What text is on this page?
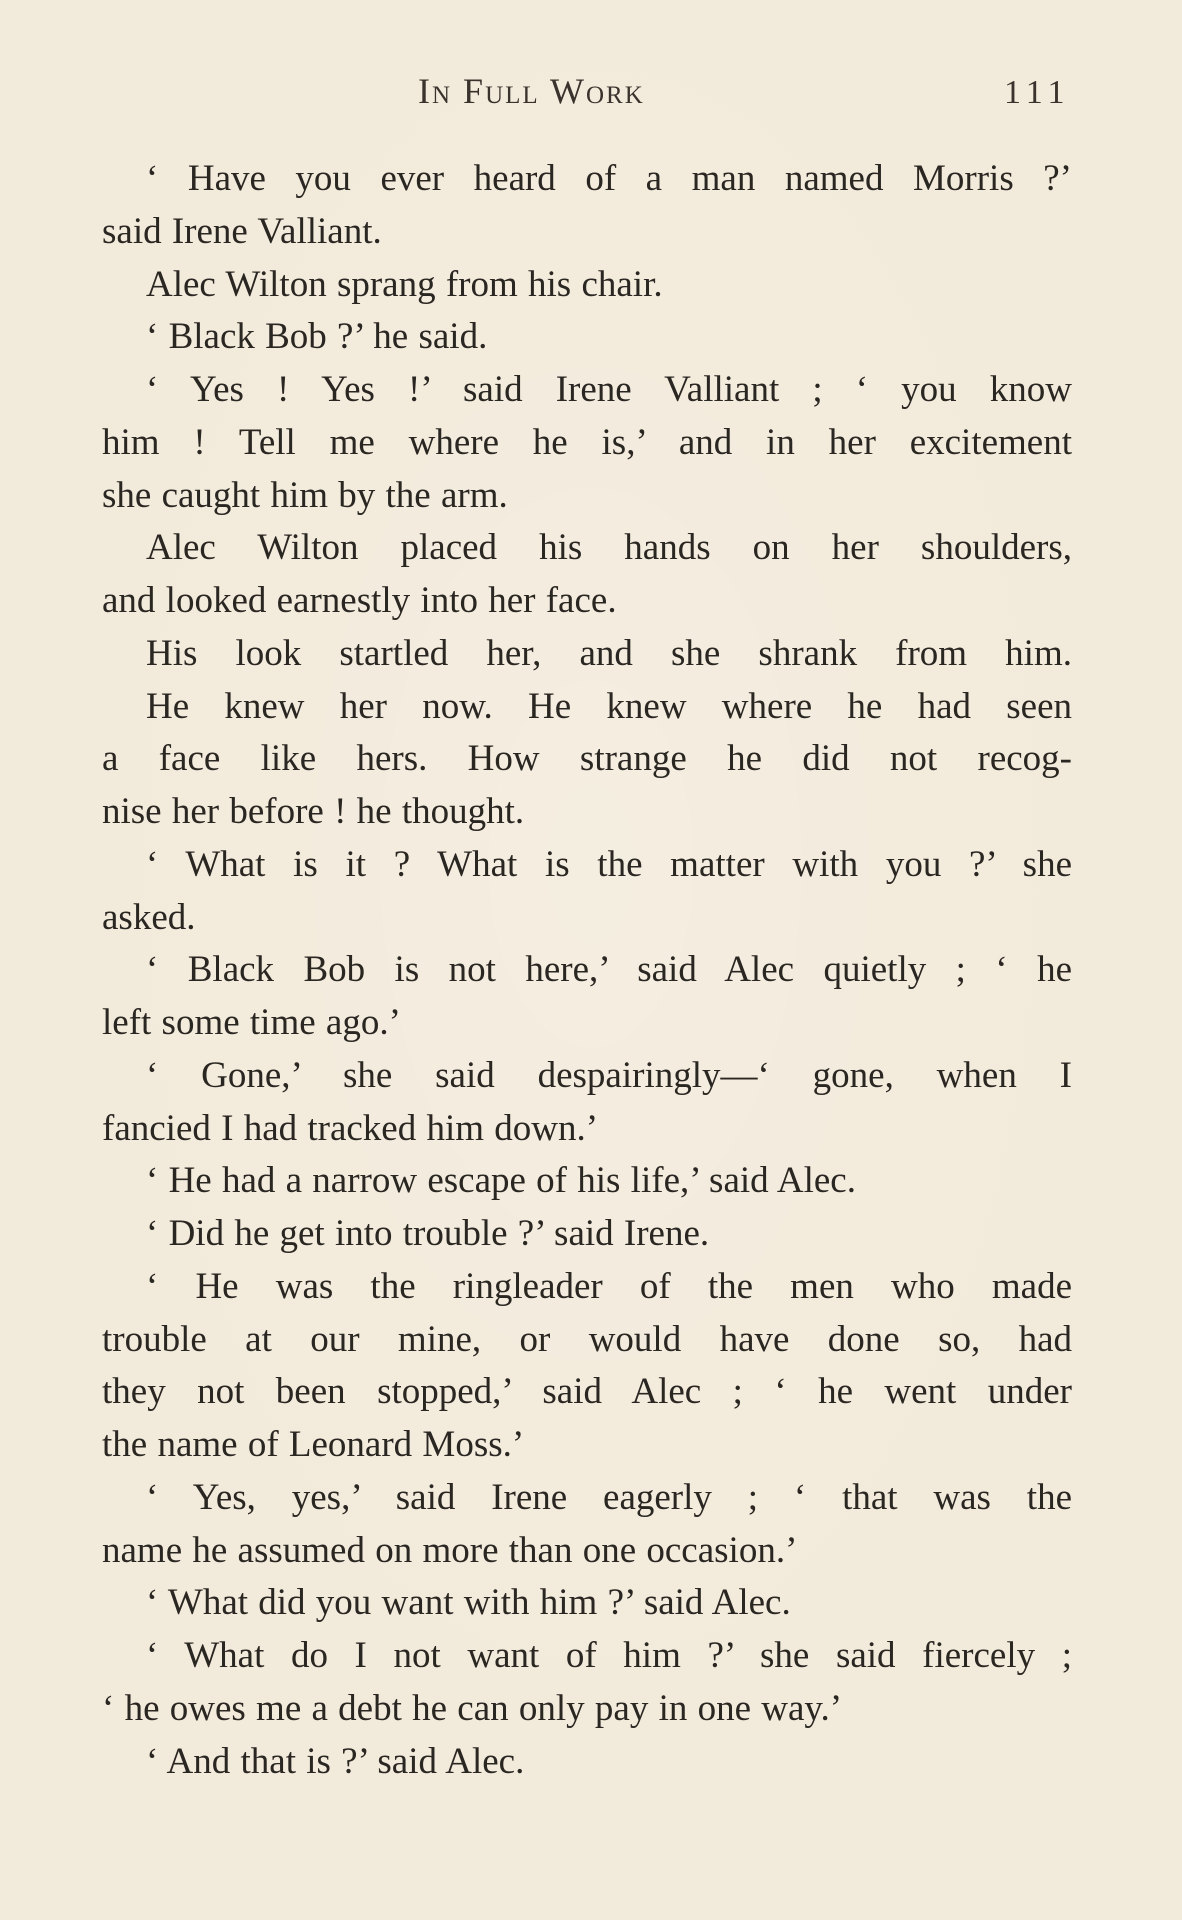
In Full Work	111
‘ Have you ever heard of a man named Morris ?’
said Irene Valliant.
Alec Wilton sprang from his chair.
‘ Black Bob ?’ he said.
‘ Yes ! Yes !’ said Irene Valliant ; ‘ you know
him ! Tell me where he is,’ and in her excitement
she caught him by the arm.
Alec Wilton placed his hands on her shoulders,
and looked earnestly into her face.
His look startled her, and she shrank from him.
He knew her now. He knew where he had seen
a face like hers. How strange he did not recog-
nise her before ! he thought.
‘ What is it ? What is the matter with you ?’ she
asked.
‘ Black Bob is not here,’ said Alec quietly ; ‘ he
left some time ago.’
‘ Gone,’ she said despairingly—‘ gone, when I
fancied I had tracked him down.’
‘ He had a narrow escape of his life,’ said Alec.
‘ Did he get into trouble ?’ said Irene.
‘ He was the ringleader of the men who made
trouble at our mine, or would have done so, had
they not been stopped,’ said Alec ; ‘ he went under
the name of Leonard Moss.’
‘ Yes, yes,’ said Irene eagerly ; ‘ that was the
name he assumed on more than one occasion.’
‘ What did you want with him ?’ said Alec.
‘ What do I not want of him ?’ she said fiercely ;
‘ he owes me a debt he can only pay in one way.’
‘ And that is ?’ said Alec.
